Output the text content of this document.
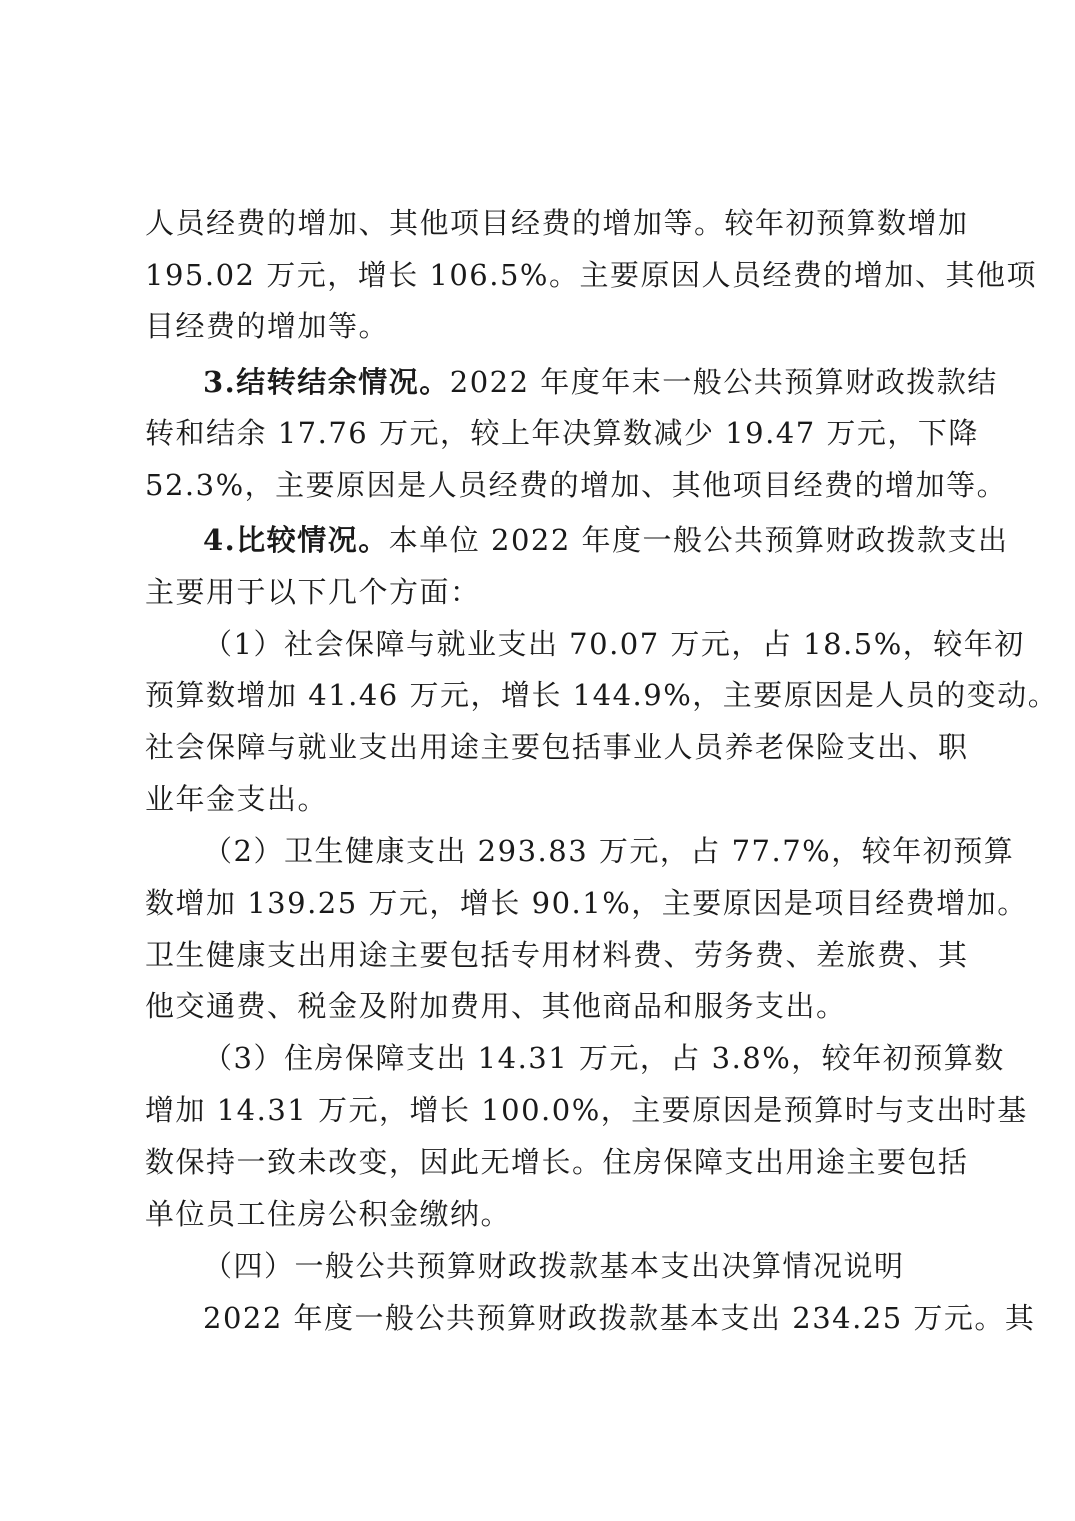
人员经费的增加、其他项目经费的增加等。较年初预算数增加
195.02 万元，增长 106.5%。主要原因人员经费的增加、其他项
目经费的增加等。
3.结转结余情况。2022 年度年末一般公共预算财政拨款结
转和结余 17.76 万元，较上年决算数减少 19.47 万元，下降
52.3%，主要原因是人员经费的增加、其他项目经费的增加等。
4.比较情况。本单位 2022 年度一般公共预算财政拨款支出
主要用于以下几个方面：
（1）社会保障与就业支出 70.07 万元，占 18.5%，较年初
预算数增加 41.46 万元，增长 144.9%，主要原因是人员的变动。
社会保障与就业支出用途主要包括事业人员养老保险支出、职
业年金支出。
（2）卫生健康支出 293.83 万元，占 77.7%，较年初预算
数增加 139.25 万元，增长 90.1%，主要原因是项目经费增加。
卫生健康支出用途主要包括专用材料费、劳务费、差旅费、其
他交通费、税金及附加费用、其他商品和服务支出。
（3）住房保障支出 14.31 万元，占 3.8%，较年初预算数
增加 14.31 万元，增长 100.0%，主要原因是预算时与支出时基
数保持一致未改变，因此无增长。住房保障支出用途主要包括
单位员工住房公积金缴纳。
（四）一般公共预算财政拨款基本支出决算情况说明
2022 年度一般公共预算财政拨款基本支出 234.25 万元。其
